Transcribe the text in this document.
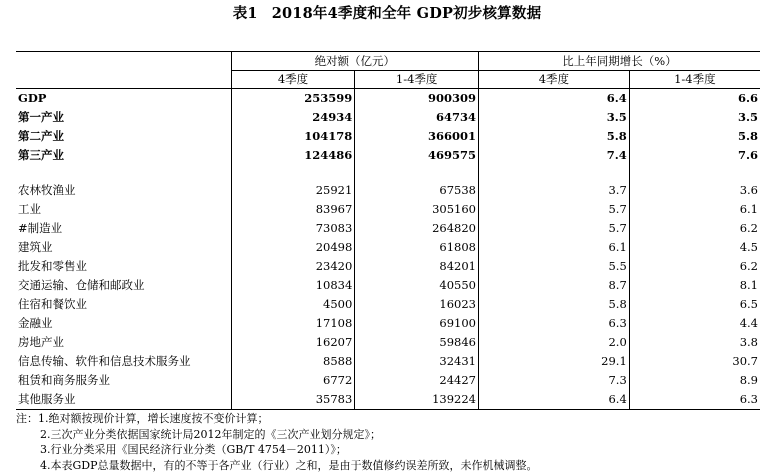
表1 2018年4季度和全年 GDP初步核算数据
	绝对额（亿元）		比上年同期增长（%）	
	4季度	1-4季度	4季度	1-4季度
GDP	253599	900309	6.4	6.6
第一产业	24934	64734	3.5	3.5
第二产业	104178	366001	5.8	5.8
第三产业	124486	469575	7.4	7.6

农林牧渔业	25921	67538	3.7	3.6
工业	83967	305160	5.7	6.1
#制造业	73083	264820	5.7	6.2
建筑业	20498	61808	6.1	4.5
批发和零售业	23420	84201	5.5	6.2
交通运输、仓储和邮政业	10834	40550	8.7	8.1
住宿和餐饮业	4500	16023	5.8	6.5
金融业	17108	69100	6.3	4.4
房地产业	16207	59846	2.0	3.8
信息传输、软件和信息技术服务业	8588	32431	29.1	30.7
租赁和商务服务业	6772	24427	7.3	8.9
其他服务业	35783	139224	6.4	6.3
注：1.绝对额按现价计算，增长速度按不变价计算；
2.三次产业分类依据国家统计局2012年制定的《三次产业划分规定》；
3.行业分类采用《国民经济行业分类（GB/T 4754－2011）》；
4.本表GDP总量数据中，有的不等于各产业（行业）之和，是由于数值修约误差所致，未作机械调整。
